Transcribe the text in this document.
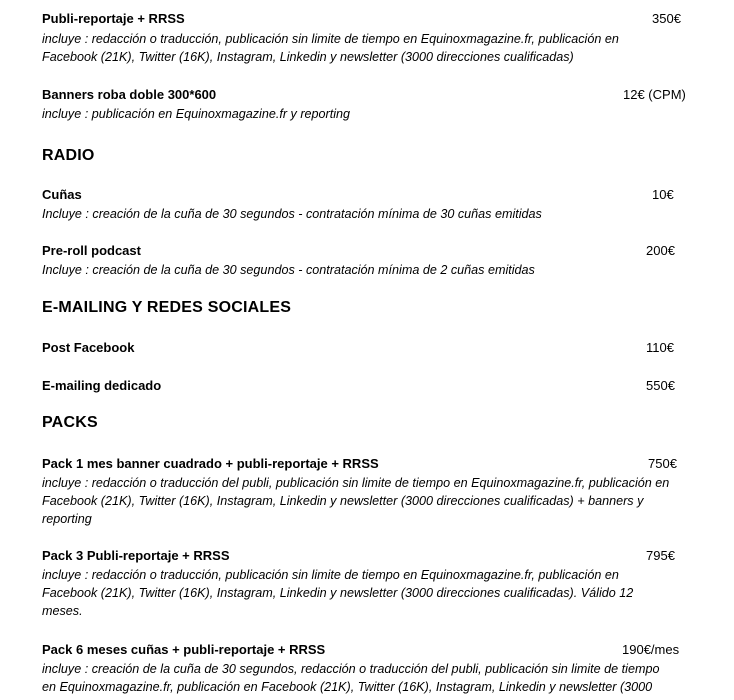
Publi-reportaje + RRSS	350€
incluye : redacción o traducción, publicación sin limite de tiempo en Equinoxmagazine.fr, publicación en
Facebook (21K), Twitter (16K), Instagram, Linkedin y newsletter (3000 direcciones cualificadas)
Banners roba doble 300*600	12€ (CPM)
incluye : publicación en Equinoxmagazine.fr y reporting
RADIO
Cuñas	10€
Incluye : creación de la cuña de 30 segundos - contratación mínima de 30 cuñas emitidas
Pre-roll podcast	200€
Incluye : creación de la cuña de 30 segundos - contratación mínima de 2 cuñas emitidas
E-MAILING Y REDES SOCIALES
Post Facebook	110€
E-mailing dedicado	550€
PACKS
Pack 1 mes banner cuadrado + publi-reportaje + RRSS	750€
incluye : redacción o traducción del publi, publicación sin limite de tiempo en Equinoxmagazine.fr, publicación en
Facebook (21K), Twitter (16K), Instagram, Linkedin y newsletter (3000 direcciones cualificadas) + banners y
reporting
Pack 3 Publi-reportaje + RRSS	795€
incluye : redacción o traducción, publicación sin limite de tiempo en Equinoxmagazine.fr, publicación en
Facebook (21K), Twitter (16K), Instagram, Linkedin y newsletter (3000 direcciones cualificadas). Válido 12
meses.
Pack 6 meses cuñas + publi-reportaje + RRSS	190€/mes
incluye : creación de la cuña de 30 segundos, redacción o traducción del publi, publicación sin limite de tiempo
en Equinoxmagazine.fr, publicación en Facebook (21K), Twitter (16K), Instagram, Linkedin y newsletter (3000
